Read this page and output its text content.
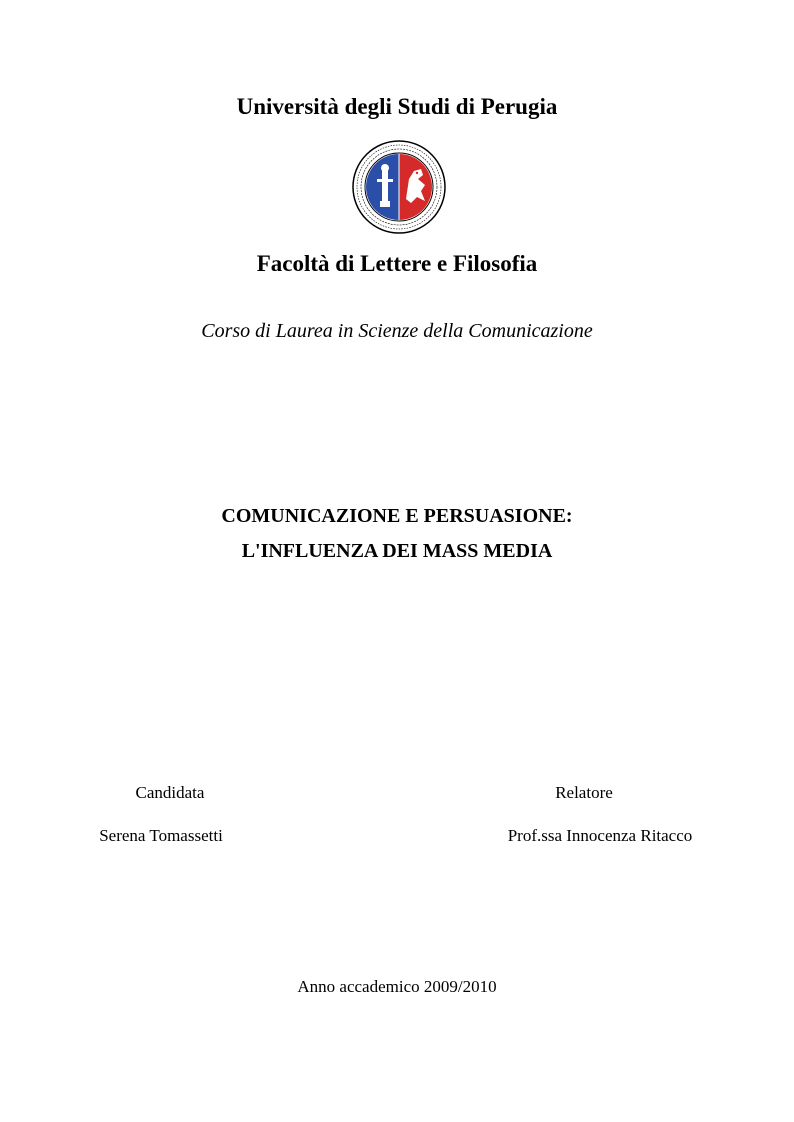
Università degli Studi di Perugia
Facoltà di Lettere e Filosofia
Corso di Laurea in Scienze della Comunicazione
COMUNICAZIONE E PERSUASIONE:
L'INFLUENZA DEI MASS MEDIA
Candidata
Serena Tomassetti
Relatore
Prof.ssa Innocenza Ritacco
Anno accademico 2009/2010
